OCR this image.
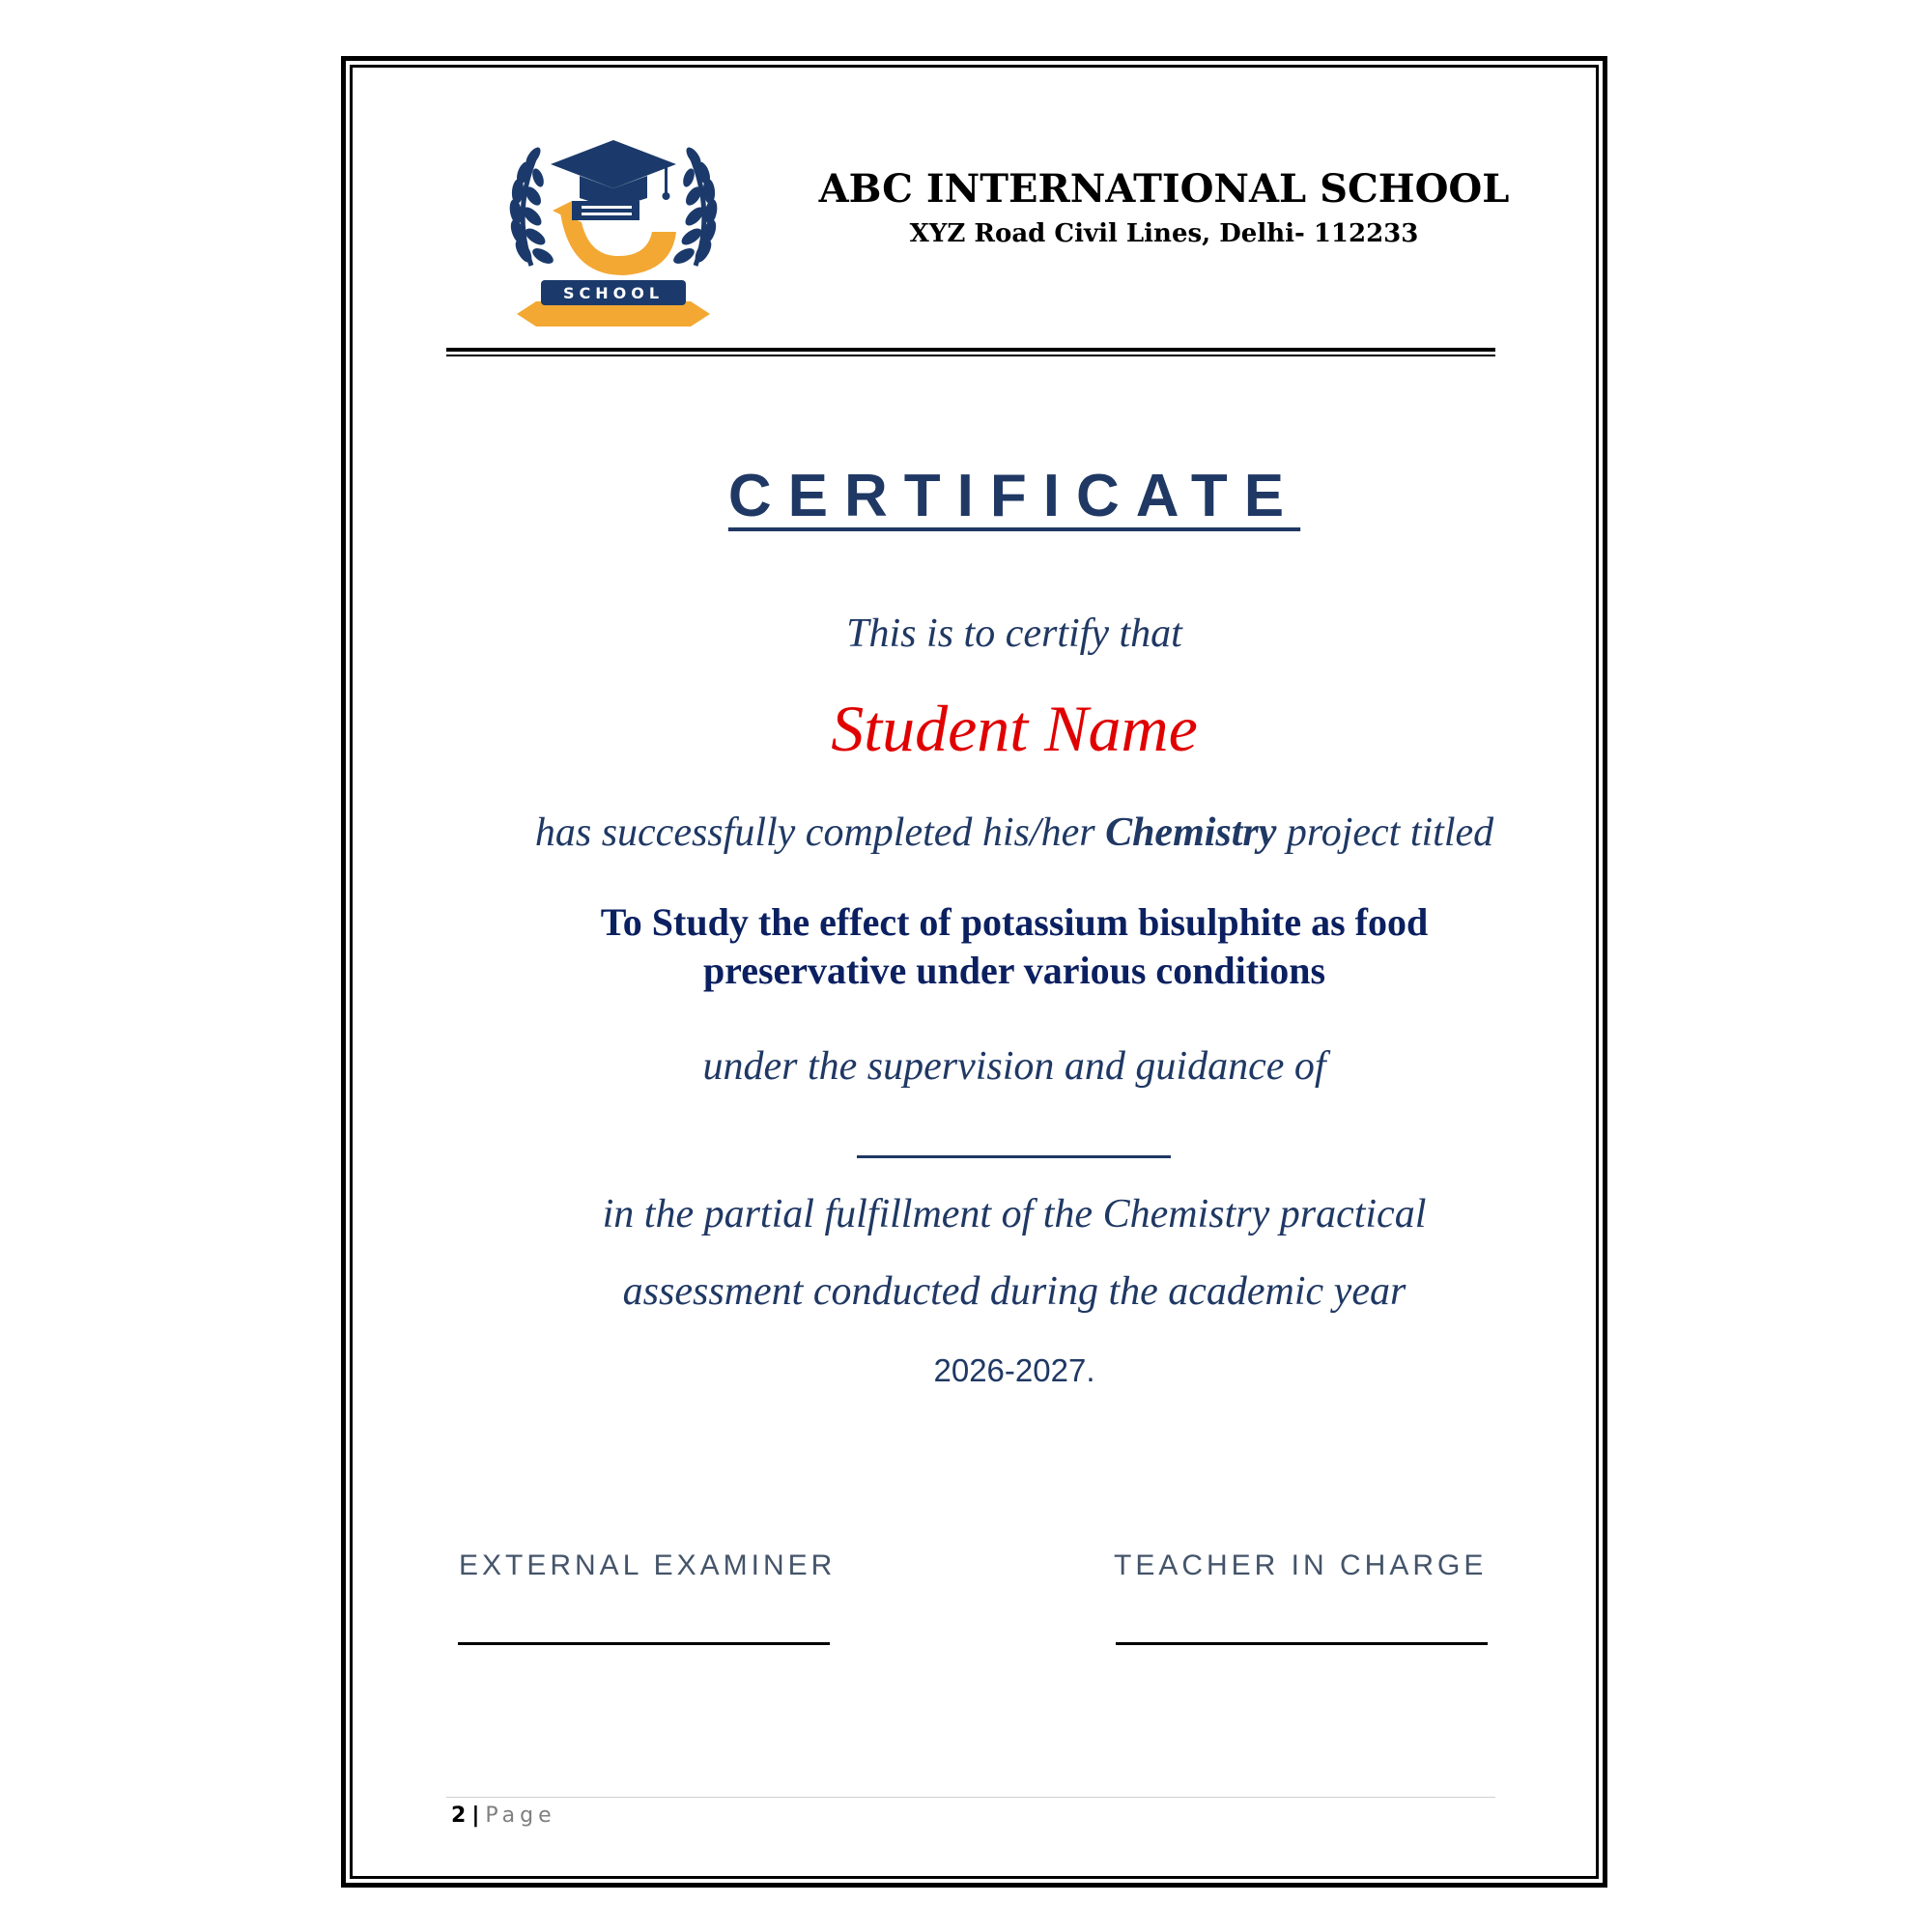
SCHOOL
ABC INTERNATIONAL SCHOOL
XYZ Road Civil Lines, Delhi- 112233
CERTIFICATE
This is to certify that
Student Name
has successfully completed his/her Chemistry project titled
To Study the effect of potassium bisulphite as food preservative under various conditions
under the supervision and guidance of
in the partial fulfillment of the Chemistry practical
assessment conducted during the academic year
2026-2027.
EXTERNAL EXAMINER	TEACHER IN CHARGE
2 | Page
